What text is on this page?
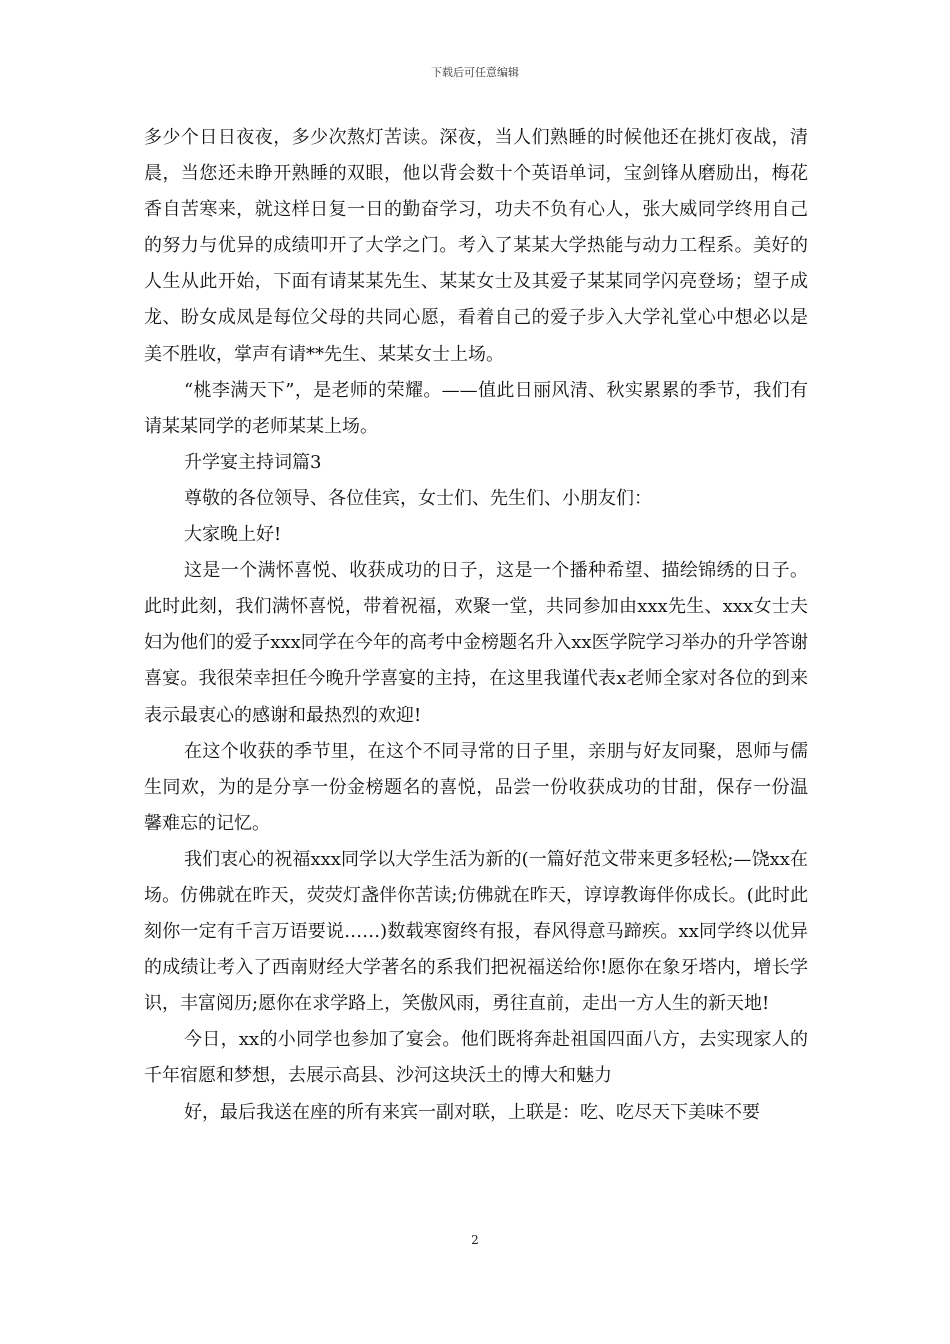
下载后可任意编辑

多少个日日夜夜，多少次熬灯苦读。深夜，当人们熟睡的时候他还在挑灯夜战，清晨，当您还未睁开熟睡的双眼，他以背会数十个英语单词，宝剑锋从磨励出，梅花香自苦寒来，就这样日复一日的勤奋学习，功夫不负有心人，张大威同学终用自己的努力与优异的成绩叩开了大学之门。考入了某某大学热能与动力工程系。美好的人生从此开始，下面有请某某先生、某某女士及其爱子某某同学闪亮登场；望子成龙、盼女成凤是每位父母的共同心愿，看着自己的爱子步入大学礼堂心中想必以是美不胜收，掌声有请**先生、某某女士上场。

“桃李满天下”，是老师的荣耀。——值此日丽风清、秋实累累的季节，我们有请某某同学的老师某某上场。

升学宴主持词篇3

尊敬的各位领导、各位佳宾，女士们、先生们、小朋友们：

大家晚上好!

这是一个满怀喜悦、收获成功的日子，这是一个播种希望、描绘锦绣的日子。此时此刻，我们满怀喜悦，带着祝福，欢聚一堂，共同参加由xxx先生、xxx女士夫妇为他们的爱子xxx同学在今年的高考中金榜题名升入xx医学院学习举办的升学答谢喜宴。我很荣幸担任今晚升学喜宴的主持，在这里我谨代表x老师全家对各位的到来表示最衷心的感谢和最热烈的欢迎!

在这个收获的季节里，在这个不同寻常的日子里，亲朋与好友同聚，恩师与儒生同欢，为的是分享一份金榜题名的喜悦，品尝一份收获成功的甘甜，保存一份温馨难忘的记忆。

我们衷心的祝福xxx同学以大学生活为新的(一篇好范文带来更多轻松;—饶xx在场。仿佛就在昨天，荧荧灯盏伴你苦读;仿佛就在昨天，谆谆教诲伴你成长。(此时此刻你一定有千言万语要说……)数载寒窗终有报，春风得意马蹄疾。xx同学终以优异的成绩让考入了西南财经大学著名的系我们把祝福送给你!愿你在象牙塔内，增长学识，丰富阅历;愿你在求学路上，笑傲风雨，勇往直前，走出一方人生的新天地!

今日，xx的小同学也参加了宴会。他们既将奔赴祖国四面八方，去实现家人的千年宿愿和梦想，去展示高县、沙河这块沃土的博大和魅力

好，最后我送在座的所有来宾一副对联，上联是：吃、吃尽天下美味不要

2
